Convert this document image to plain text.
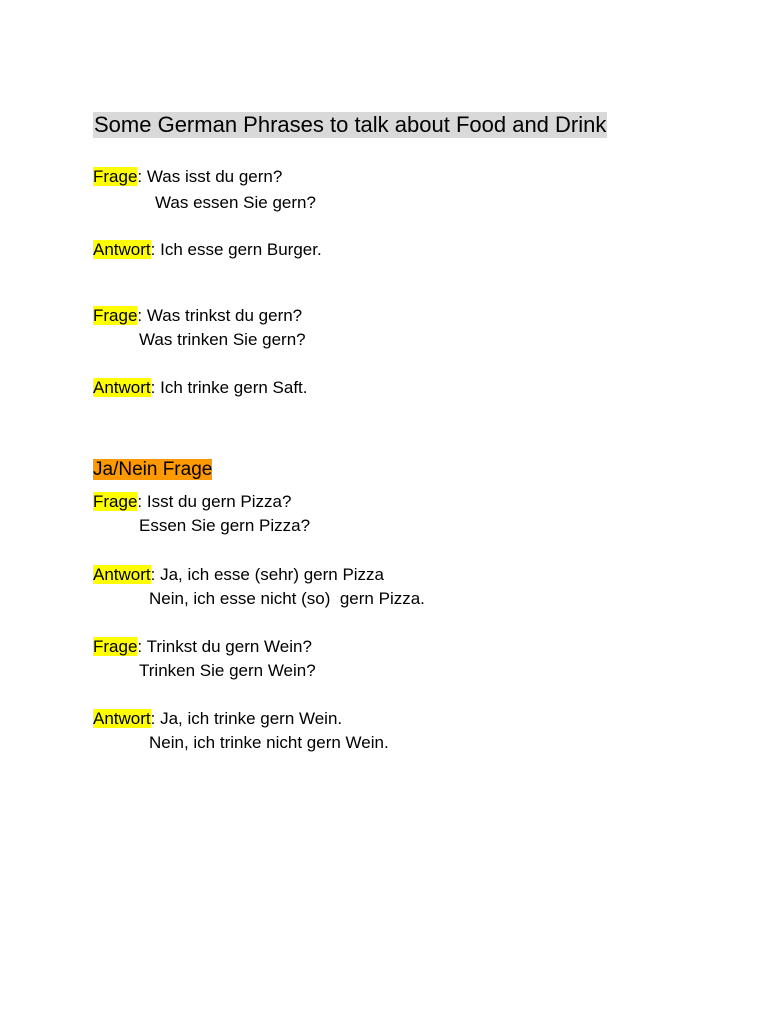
Some German Phrases to talk about Food and Drink
Frage: Was isst du gern?
Was essen Sie gern?
Antwort: Ich esse gern Burger.
Frage: Was trinkst du gern?
Was trinken Sie gern?
Antwort: Ich trinke gern Saft.
Ja/Nein Frage
Frage: Isst du gern Pizza?
Essen Sie gern Pizza?
Antwort: Ja, ich esse (sehr) gern Pizza
Nein, ich esse nicht (so)  gern Pizza.
Frage: Trinkst du gern Wein?
Trinken Sie gern Wein?
Antwort: Ja, ich trinke gern Wein.
Nein, ich trinke nicht gern Wein.
